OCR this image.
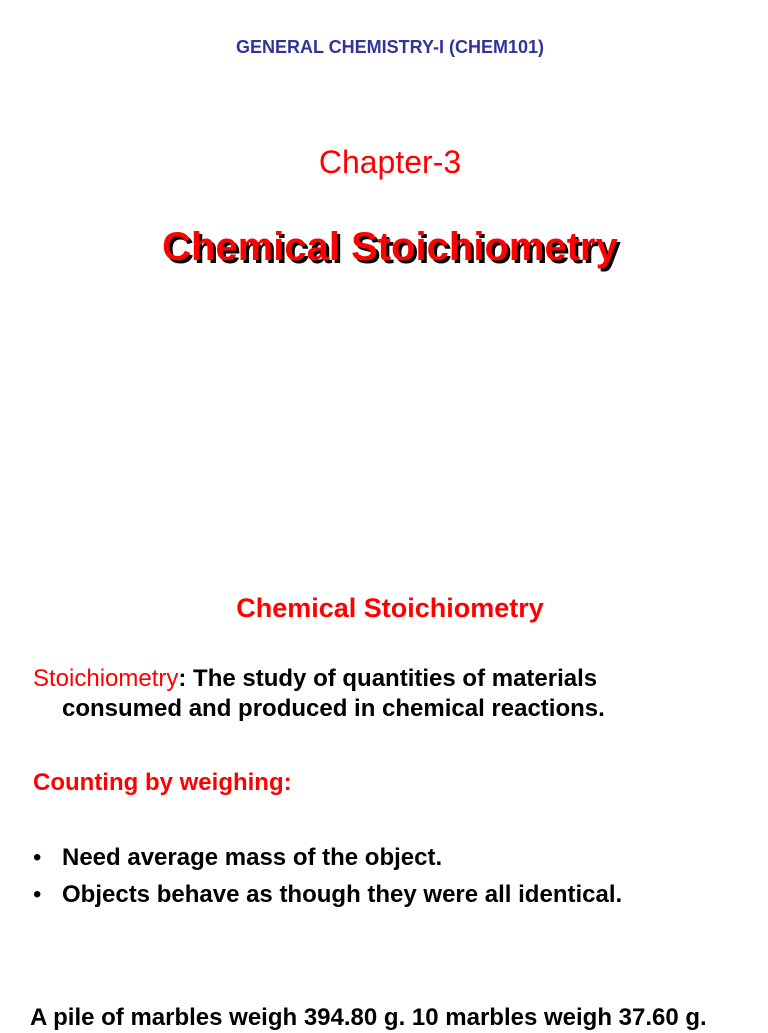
GENERAL CHEMISTRY-I (CHEM101)
Chapter-3
Chemical Stoichiometry
Chemical Stoichiometry
Stoichiometry: The study of quantities of materials
consumed and produced in chemical reactions.
Counting by weighing:
• Need average mass of the object.
• Objects behave as though they were all identical.
A pile of marbles weigh 394.80 g. 10 marbles weigh 37.60 g.
